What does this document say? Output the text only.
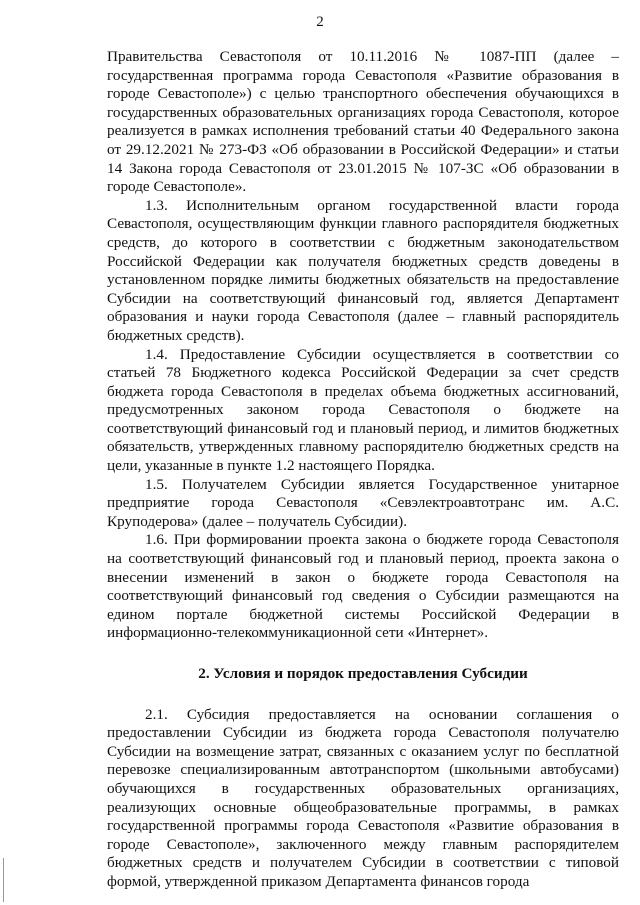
2

Правительства Севастополя от 10.11.2016 № 1087-ПП (далее – государственная программа города Севастополя «Развитие образования в городе Севастополе») с целью транспортного обеспечения обучающихся в государственных образовательных организациях города Севастополя, которое реализуется в рамках исполнения требований статьи 40 Федерального закона от 29.12.2021 № 273-ФЗ «Об образовании в Российской Федерации» и статьи 14 Закона города Севастополя от 23.01.2015 № 107-ЗС «Об образовании в городе Севастополе».

1.3. Исполнительным органом государственной власти города Севастополя, осуществляющим функции главного распорядителя бюджетных средств, до которого в соответствии с бюджетным законодательством Российской Федерации как получателя бюджетных средств доведены в установленном порядке лимиты бюджетных обязательств на предоставление Субсидии на соответствующий финансовый год, является Департамент образования и науки города Севастополя (далее – главный распорядитель бюджетных средств).

1.4. Предоставление Субсидии осуществляется в соответствии со статьей 78 Бюджетного кодекса Российской Федерации за счет средств бюджета города Севастополя в пределах объема бюджетных ассигнований, предусмотренных законом города Севастополя о бюджете на соответствующий финансовый год и плановый период, и лимитов бюджетных обязательств, утвержденных главному распорядителю бюджетных средств на цели, указанные в пункте 1.2 настоящего Порядка.

1.5. Получателем Субсидии является Государственное унитарное предприятие города Севастополя «Севэлектроавтотранс им. А.С. Круподерова» (далее – получатель Субсидии).

1.6. При формировании проекта закона о бюджете города Севастополя на соответствующий финансовый год и плановый период, проекта закона о внесении изменений в закон о бюджете города Севастополя на соответствующий финансовый год сведения о Субсидии размещаются на едином портале бюджетной системы Российской Федерации в информационно-телекоммуникационной сети «Интернет».

2. Условия и порядок предоставления Субсидии

2.1. Субсидия предоставляется на основании соглашения о предоставлении Субсидии из бюджета города Севастополя получателю Субсидии на возмещение затрат, связанных с оказанием услуг по бесплатной перевозке специализированным автотранспортом (школьными автобусами) обучающихся в государственных образовательных организациях, реализующих основные общеобразовательные программы, в рамках государственной программы города Севастополя «Развитие образования в городе Севастополе», заключенного между главным распорядителем бюджетных средств и получателем Субсидии в соответствии с типовой формой, утвержденной приказом Департамента финансов города
